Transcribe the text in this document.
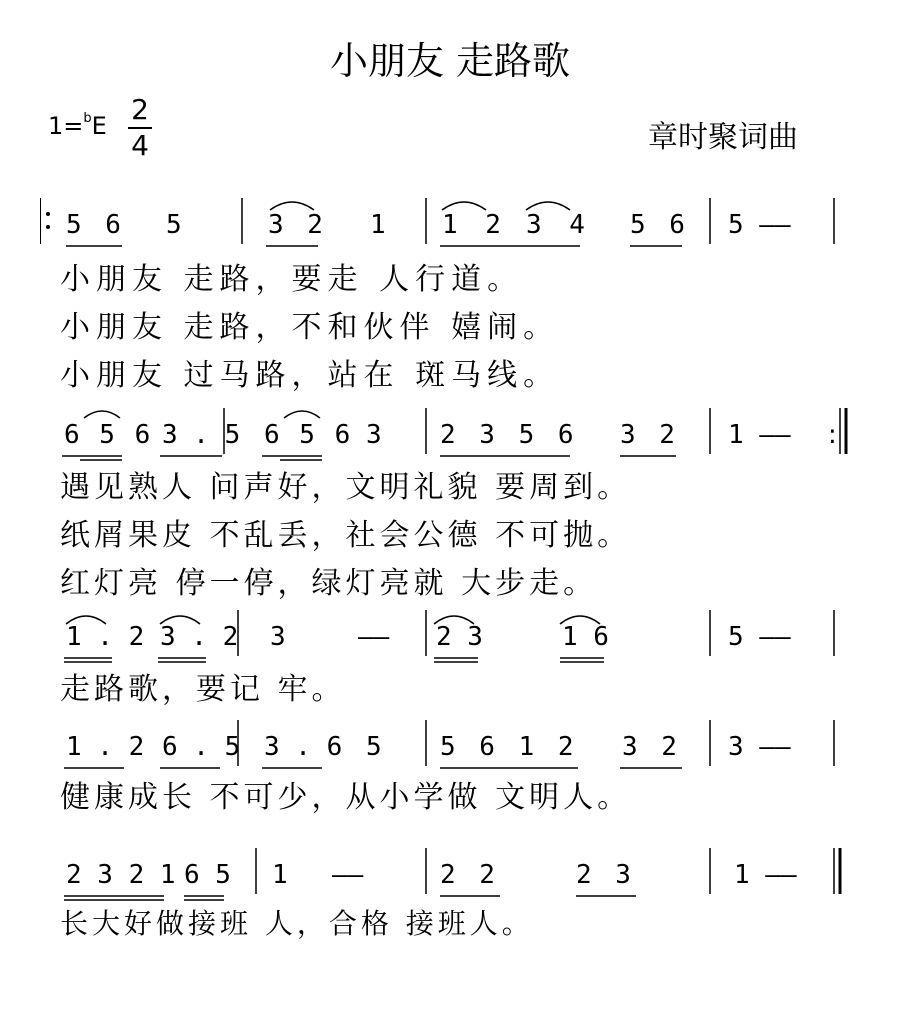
小朋友 走路歌
1=$^b$E 2
4	章时聚词曲
5 6 5	3 2 1 1 2 3 4 5 6 5 ——
小朋友 走路，要走 人行道。
小朋友 走路，不和伙伴 嬉闹。
小朋友 过马路，站在 斑马线。
6 5 6 3 . 5 6 5 6 3 2 3 5 6 3 2 1 —— :
遇见熟人 问声好，文明礼貌 要周到。
纸屑果皮 不乱丢，社会公德 不可抛。
红灯亮 停一停，绿灯亮就 大步走。
1 . 2 3 . 2 3	—— 2 3	1 6	5 ——
走路歌，要记 牢。
1 . 2 6 . 5 3 . 6 5 5 6 1 2 3 2 3 ——
健康成长 不可少，从小学做 文明人。
2 3 2 1 6 5 1 ——	2 2	2 3	1 ——
长大好做接班 人，合格 接班人。
